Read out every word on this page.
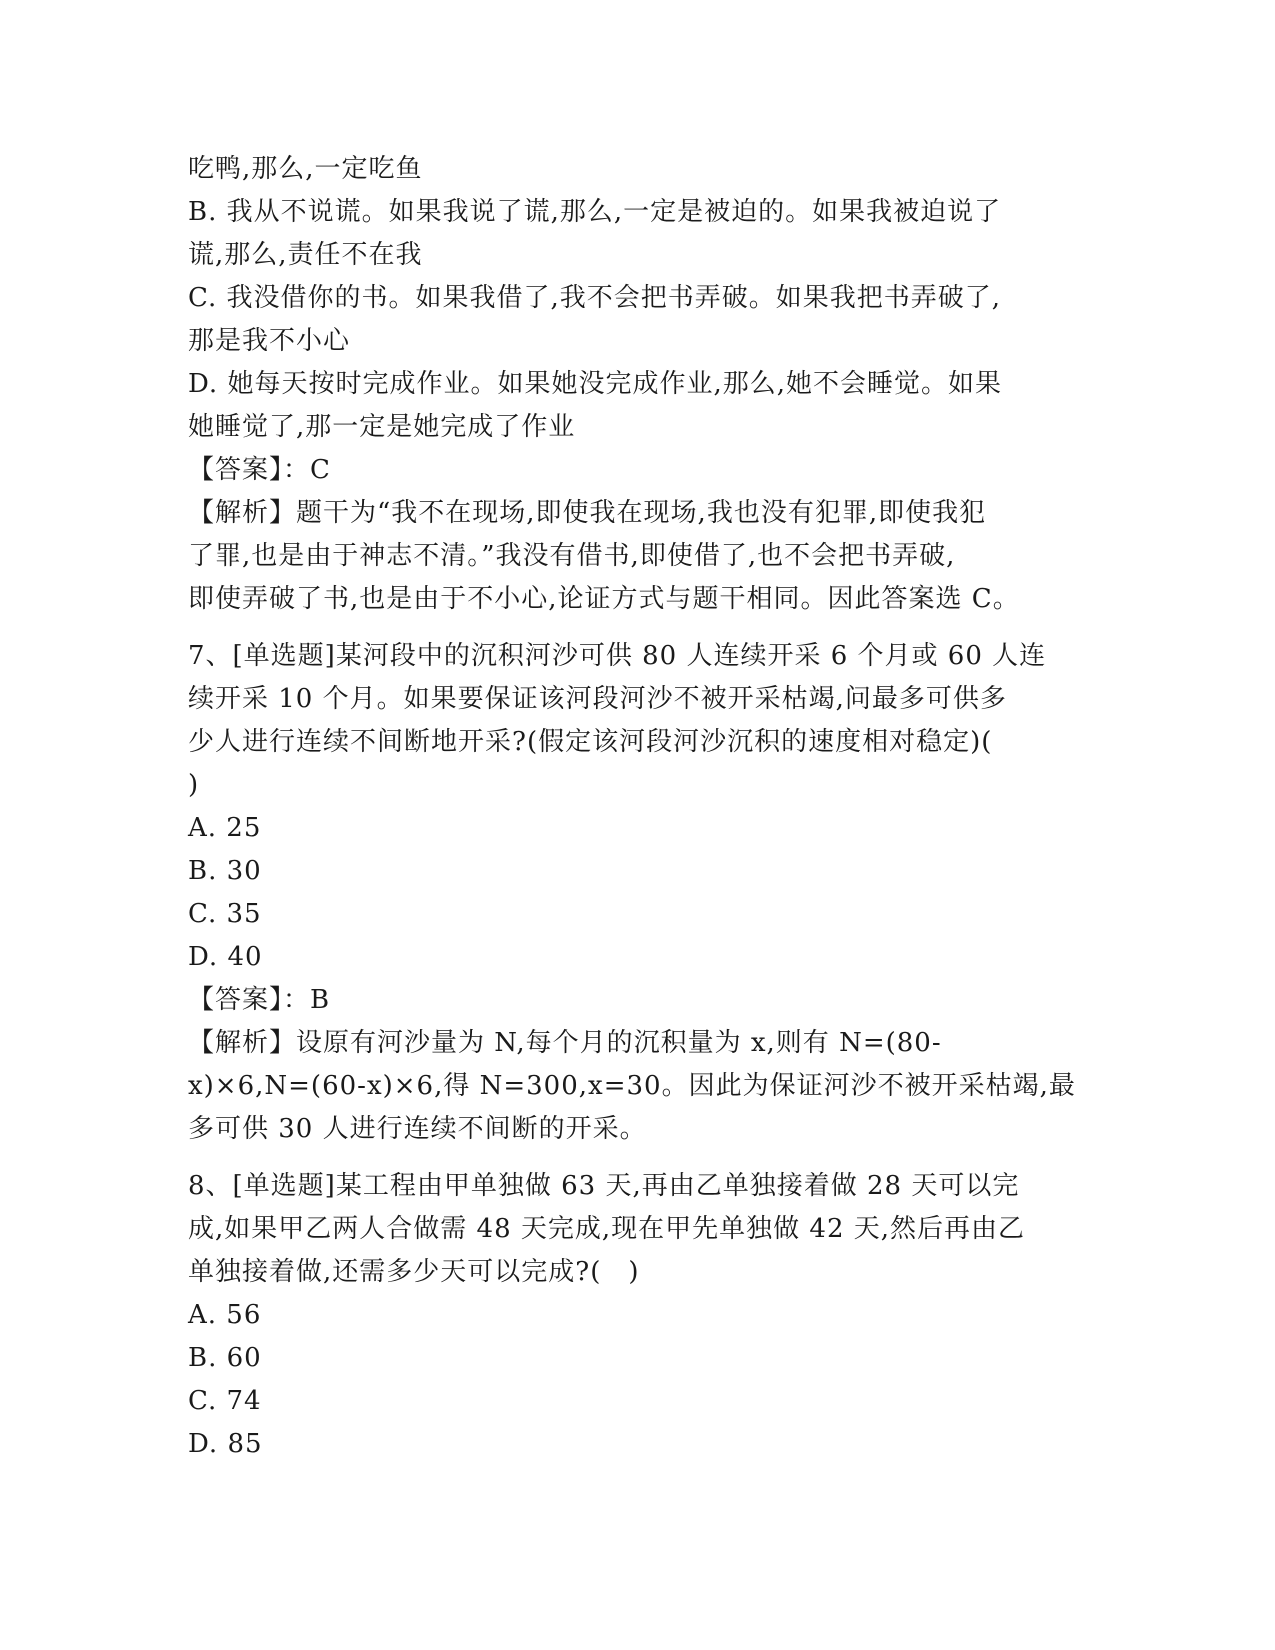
吃鸭,那么,一定吃鱼
B. 我从不说谎。如果我说了谎,那么,一定是被迫的。如果我被迫说了
谎,那么,责任不在我
C. 我没借你的书。如果我借了,我不会把书弄破。如果我把书弄破了,
那是我不小心
D. 她每天按时完成作业。如果她没完成作业,那么,她不会睡觉。如果
她睡觉了,那一定是她完成了作业
【答案】：C
【解析】题干为“我不在现场,即使我在现场,我也没有犯罪,即使我犯
了罪,也是由于神志不清。”我没有借书,即使借了,也不会把书弄破,
即使弄破了书,也是由于不小心,论证方式与题干相同。因此答案选 C。
7、[单选题]某河段中的沉积河沙可供 80 人连续开采 6 个月或 60 人连
续开采 10 个月。如果要保证该河段河沙不被开采枯竭,问最多可供多
少人进行连续不间断地开采?(假定该河段河沙沉积的速度相对稳定)(
)
A. 25
B. 30
C. 35
D. 40
【答案】：B
【解析】设原有河沙量为 N,每个月的沉积量为 x,则有 N=(80-
x)×6,N=(60-x)×6,得 N=300,x=30。因此为保证河沙不被开采枯竭,最
多可供 30 人进行连续不间断的开采。
8、[单选题]某工程由甲单独做 63 天,再由乙单独接着做 28 天可以完
成,如果甲乙两人合做需 48 天完成,现在甲先单独做 42 天,然后再由乙
单独接着做,还需多少天可以完成?(　)
A. 56
B. 60
C. 74
D. 85
